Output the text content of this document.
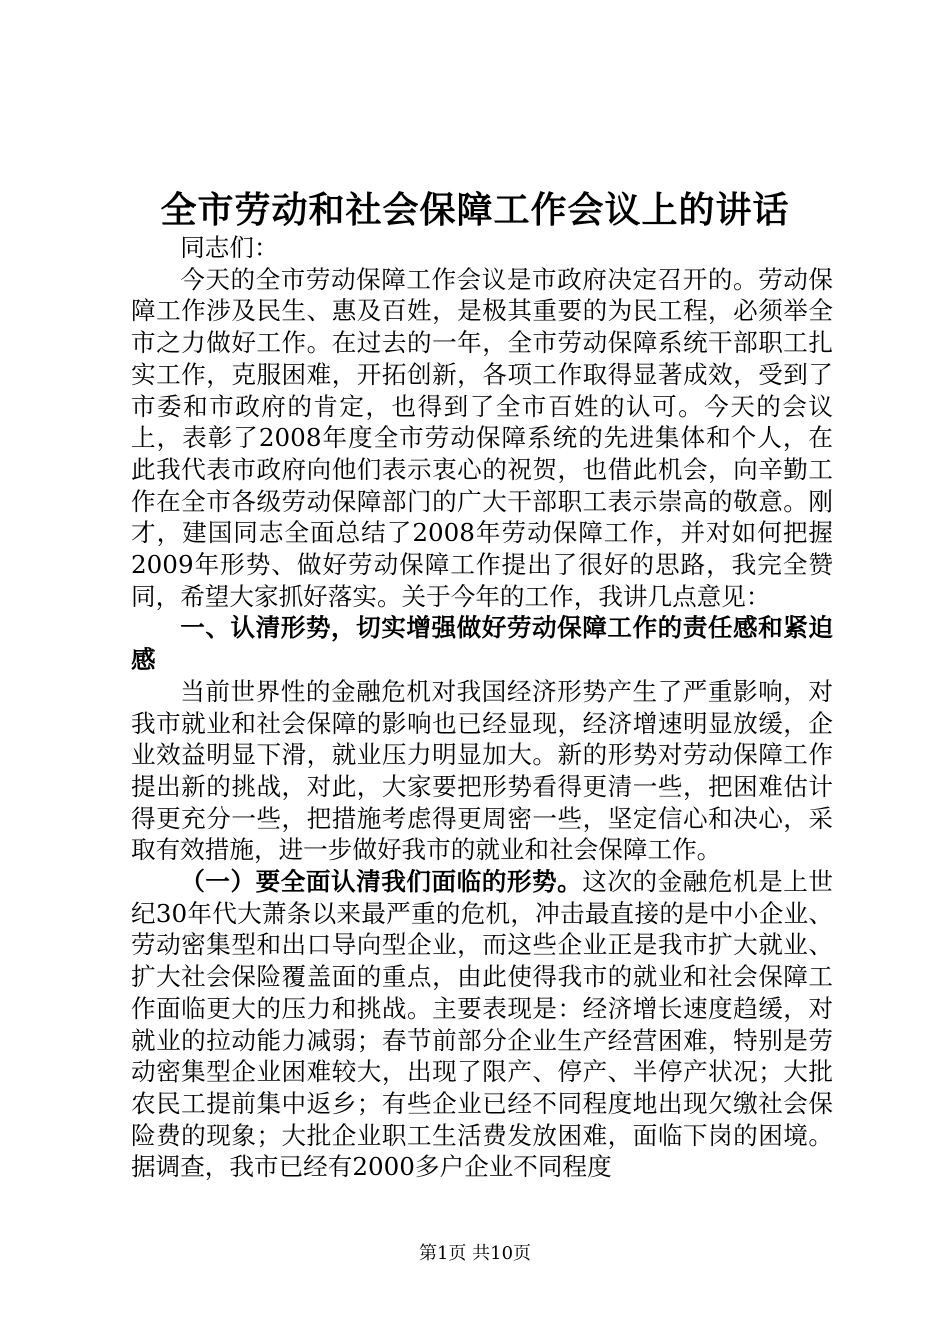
全市劳动和社会保障工作会议上的讲话

同志们：

今天的全市劳动保障工作会议是市政府决定召开的。劳动保障工作涉及民生、惠及百姓，是极其重要的为民工程，必须举全市之力做好工作。在过去的一年，全市劳动保障系统干部职工扎实工作，克服困难，开拓创新，各项工作取得显著成效，受到了市委和市政府的肯定，也得到了全市百姓的认可。今天的会议上，表彰了2008年度全市劳动保障系统的先进集体和个人，在此我代表市政府向他们表示衷心的祝贺，也借此机会，向辛勤工作在全市各级劳动保障部门的广大干部职工表示崇高的敬意。刚才，建国同志全面总结了2008年劳动保障工作，并对如何把握2009年形势、做好劳动保障工作提出了很好的思路，我完全赞同，希望大家抓好落实。关于今年的工作，我讲几点意见：

一、认清形势，切实增强做好劳动保障工作的责任感和紧迫感

当前世界性的金融危机对我国经济形势产生了严重影响，对我市就业和社会保障的影响也已经显现，经济增速明显放缓，企业效益明显下滑，就业压力明显加大。新的形势对劳动保障工作提出新的挑战，对此，大家要把形势看得更清一些，把困难估计得更充分一些，把措施考虑得更周密一些，坚定信心和决心，采取有效措施，进一步做好我市的就业和社会保障工作。

（一）要全面认清我们面临的形势。这次的金融危机是上世纪30年代大萧条以来最严重的危机，冲击最直接的是中小企业、劳动密集型和出口导向型企业，而这些企业正是我市扩大就业、扩大社会保险覆盖面的重点，由此使得我市的就业和社会保障工作面临更大的压力和挑战。主要表现是：经济增长速度趋缓，对就业的拉动能力减弱；春节前部分企业生产经营困难，特别是劳动密集型企业困难较大，出现了限产、停产、半停产状况；大批农民工提前集中返乡；有些企业已经不同程度地出现欠缴社会保险费的现象；大批企业职工生活费发放困难，面临下岗的困境。据调查，我市已经有2000多户企业不同程度

第1页 共10页
